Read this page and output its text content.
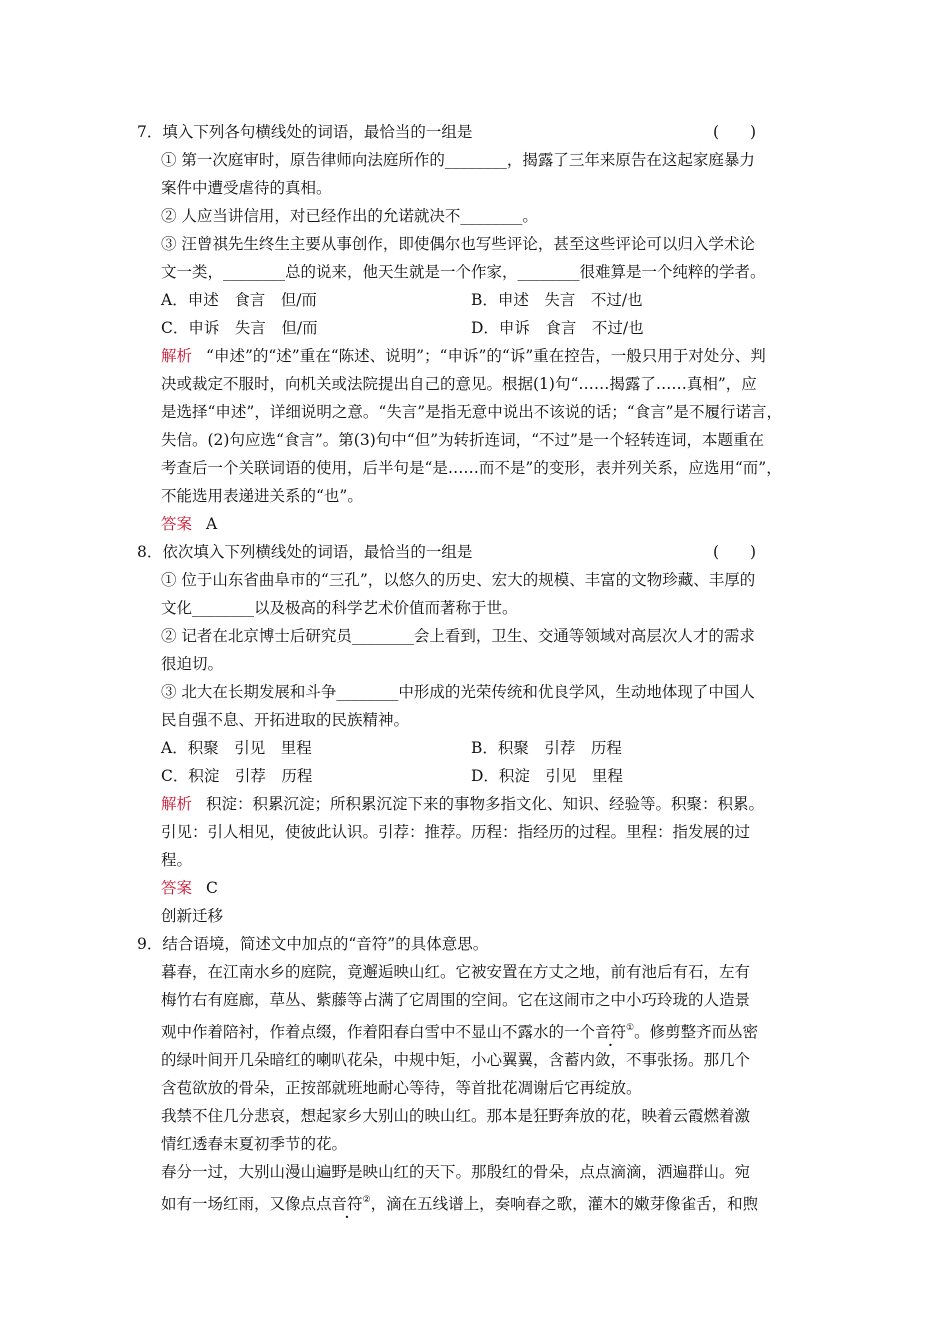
7．填入下列各句横线处的词语，最恰当的一组是	(　　)
① 第一次庭审时，原告律师向法庭所作的________，揭露了三年来原告在这起家庭暴力
案件中遭受虐待的真相。
② 人应当讲信用，对已经作出的允诺就决不________。
③ 汪曾祺先生终生主要从事创作，即使偶尔也写些评论，甚至这些评论可以归入学术论
文一类，________总的说来，他天生就是一个作家，________很难算是一个纯粹的学者。
A．申述　食言　但/而	B．申述　失言　不过/也
C．申诉　失言　但/而	D．申诉　食言　不过/也
解析 “申述”的“述”重在“陈述、说明”；“申诉”的“诉”重在控告，一般只用于对处分、判
决或裁定不服时，向机关或法院提出自己的意见。根据(1)句“……揭露了……真相”，应
是选择“申述”，详细说明之意。“失言”是指无意中说出不该说的话；“食言”是不履行诺言，
失信。(2)句应选“食言”。第(3)句中“但”为转折连词，“不过”是一个轻转连词，本题重在
考查后一个关联词语的使用，后半句是“是……而不是”的变形，表并列关系，应选用“而”，
不能选用表递进关系的“也”。
答案 A
8．依次填入下列横线处的词语，最恰当的一组是	(　　)
① 位于山东省曲阜市的“三孔”，以悠久的历史、宏大的规模、丰富的文物珍藏、丰厚的
文化________以及极高的科学艺术价值而著称于世。
② 记者在北京博士后研究员________会上看到，卫生、交通等领域对高层次人才的需求
很迫切。
③ 北大在长期发展和斗争________中形成的光荣传统和优良学风，生动地体现了中国人
民自强不息、开拓进取的民族精神。
A．积聚　引见　里程	B．积聚　引荐　历程
C．积淀　引荐　历程	D．积淀　引见　里程
解析 积淀：积累沉淀；所积累沉淀下来的事物多指文化、知识、经验等。积聚：积累。
引见：引人相见，使彼此认识。引荐：推荐。历程：指经历的过程。里程：指发展的过
程。
答案 C
创新迁移
9．结合语境，简述文中加点的“音符”的具体意思。
暮春，在江南水乡的庭院，竟邂逅映山红。它被安置在方丈之地，前有池后有石，左有
梅竹右有庭廊，草丛、紫藤等占满了它周围的空间。它在这闹市之中小巧玲珑的人造景
观中作着陪衬，作着点缀，作着阳春白雪中不显山不露水的一个音符①。修剪整齐而丛密
的绿叶间开几朵暗红的喇叭花朵，中规中矩，小心翼翼，含蓄内敛，不事张扬。那几个
含苞欲放的骨朵，正按部就班地耐心等待，等首批花凋谢后它再绽放。
我禁不住几分悲哀，想起家乡大别山的映山红。那本是狂野奔放的花，映着云霞燃着激
情红透春末夏初季节的花。
春分一过，大别山漫山遍野是映山红的天下。那殷红的骨朵，点点滴滴，洒遍群山。宛
如有一场红雨，又像点点音符②，滴在五线谱上，奏响春之歌，灌木的嫩芽像雀舌，和煦
